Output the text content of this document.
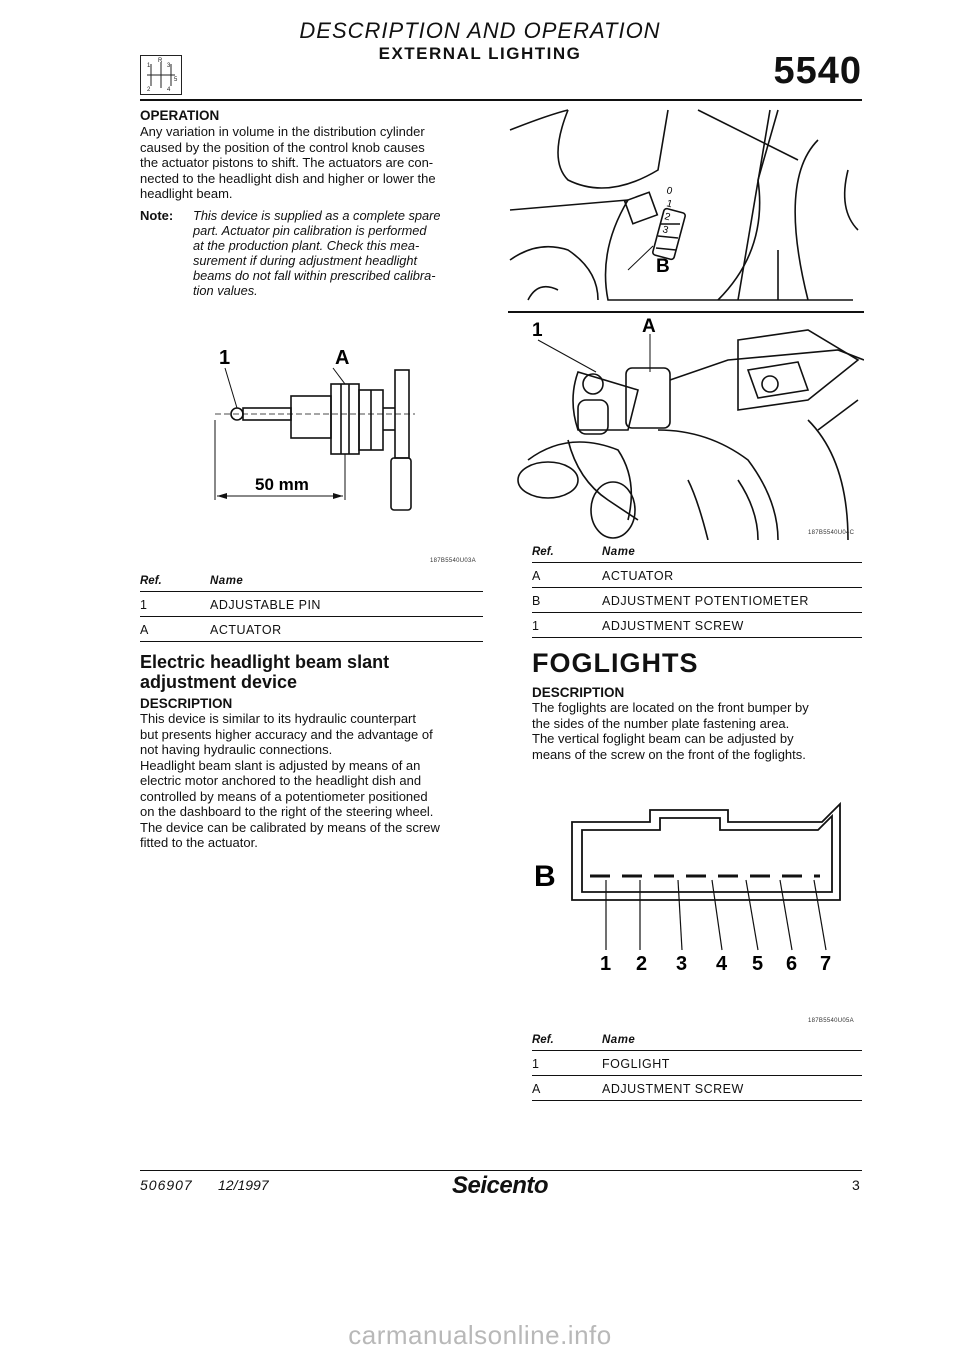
DESCRIPTION AND OPERATION
EXTERNAL LIGHTING	5540
R
1	3
2	4
5
OPERATION
Any variation in volume in the distribution cylinder
caused by the position of the control knob causes
the actuator pistons to shift. The actuators are con-
nected to the headlight dish and higher or lower the
headlight beam.
Note: This device is supplied as a complete spare
part. Actuator pin calibration is performed
at the production plant. Check this mea-
surement if during adjustment headlight
beams do not fall within prescribed calibra-
tion values.
1	A
50 mm
187B5540U03A
Ref.	Name
1	ADJUSTABLE PIN
A	ACTUATOR
Electric headlight beam slant
adjustment device
DESCRIPTION
This device is similar to its hydraulic counterpart
but presents higher accuracy and the advantage of
not having hydraulic connections.
Headlight beam slant is adjusted by means of an
electric motor anchored to the headlight dish and
controlled by means of a potentiometer positioned
on the dashboard to the right of the steering wheel.
The device can be calibrated by means of the screw
fitted to the actuator.
B
0
1
2
3
1	A
187B5540U04C
Ref.	Name
A	ACTUATOR
B	ADJUSTMENT POTENTIOMETER
1	ADJUSTMENT SCREW
FOGLIGHTS
DESCRIPTION
The foglights are located on the front bumper by
the sides of the number plate fastening area.
The vertical foglight beam can be adjusted by
means of the screw on the front of the foglights.
B
1 2 3 4 5 6 7
187B5540U05A
Ref.	Name
1	FOGLIGHT
A	ADJUSTMENT SCREW
506907 12/1997	Seicento	3
carmanualsonline.info
